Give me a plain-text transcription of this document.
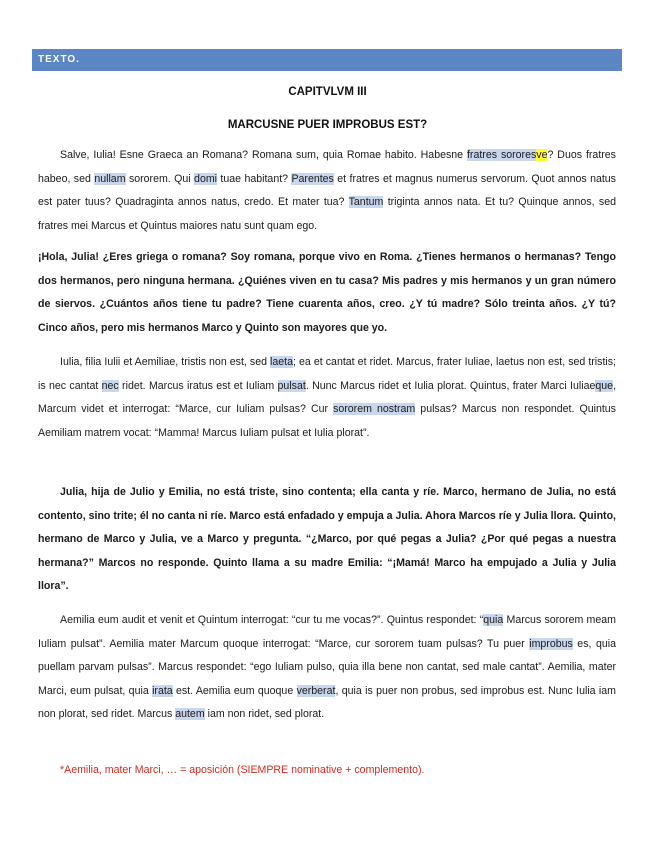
TEXTO.
CAPITVLVM III
MARCUSNE PUER IMPROBUS EST?
Salve, Iulia! Esne Graeca an Romana? Romana sum, quia Romae habito. Habesne fratres sororesve? Duos fratres habeo, sed nullam sororem. Qui domi tuae habitant? Parentes et fratres et magnus numerus servorum. Quot annos natus est pater tuus? Quadraginta annos natus, credo. Et mater tua? Tantum triginta annos nata. Et tu? Quinque annos, sed fratres mei Marcus et Quintus maiores natu sunt quam ego.
¡Hola, Julia! ¿Eres griega o romana? Soy romana, porque vivo en Roma. ¿Tienes hermanos o hermanas? Tengo dos hermanos, pero ninguna hermana. ¿Quiénes viven en tu casa? Mis padres y mis hermanos y un gran número de siervos. ¿Cuántos años tiene tu padre? Tiene cuarenta años, creo. ¿Y tú madre? Sólo treinta años. ¿Y tú? Cinco años, pero mis hermanos Marco y Quinto son mayores que yo.
Iulia, filia Iulii et Aemiliae, tristis non est, sed laeta; ea et cantat et ridet. Marcus, frater Iuliae, laetus non est, sed tristis; is nec cantat nec ridet. Marcus iratus est et Iuliam pulsat. Nunc Marcus ridet et Iulia plorat. Quintus, frater Marci Iuliaeque, Marcum videt et interrogat: “Marce, cur Iuliam pulsas? Cur sororem nostram pulsas? Marcus non respondet. Quintus Aemiliam matrem vocat: “Mamma! Marcus Iuliam pulsat et Iulia plorat”.
Julia, hija de Julio y Emilia, no está triste, sino contenta; ella canta y ríe. Marco, hermano de Julia, no está contento, sino trite; él no canta ni ríe. Marco está enfadado y empuja a Julia. Ahora Marcos ríe y Julia llora. Quinto, hermano de Marco y Julia, ve a Marco y pregunta. “¿Marco, por qué pegas a Julia? ¿Por qué pegas a nuestra hermana?” Marcos no responde. Quinto llama a su madre Emilia: “¡Mamá! Marco ha empujado a Julia y Julia llora”.
Aemilia eum audit et venit et Quintum interrogat: “cur tu me vocas?”. Quintus respondet: “quia Marcus sororem meam Iuliam pulsat”. Aemilia mater Marcum quoque interrogat: “Marce, cur sororem tuam pulsas? Tu puer improbus es, quia puellam parvam pulsas”. Marcus respondet: “ego Iuliam pulso, quia illa bene non cantat, sed male cantat”. Aemilia, mater Marci, eum pulsat, quia irata est. Aemilia eum quoque verberat, quia is puer non probus, sed improbus est. Nunc Iulia iam non plorat, sed ridet. Marcus autem iam non ridet, sed plorat.
*Aemilia, mater Marci, … = aposición (SIEMPRE nominative + complemento).
